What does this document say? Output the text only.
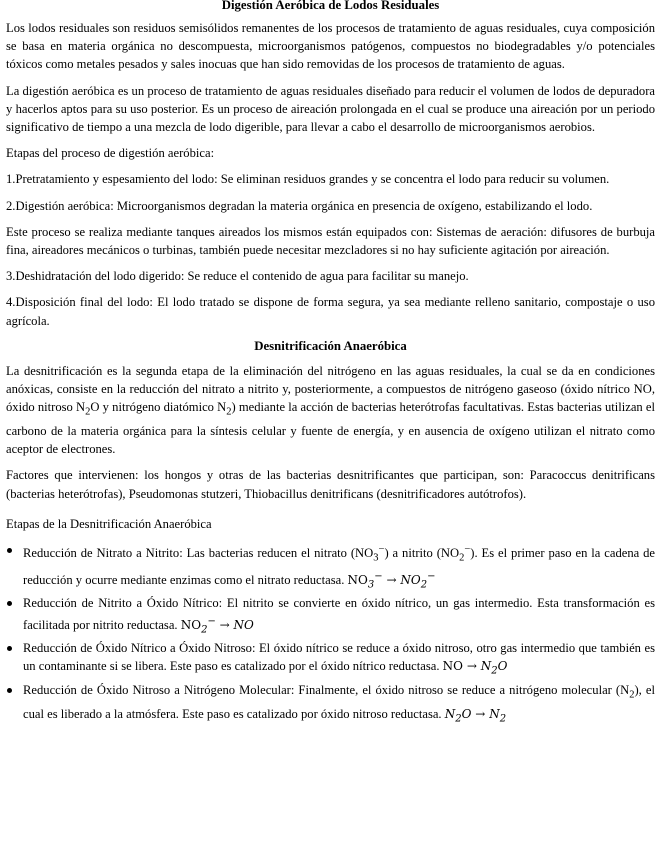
Digestión Aeróbica de Lodos Residuales

Los lodos residuales son residuos semisólidos remanentes de los procesos de tratamiento de aguas residuales, cuya composición se basa en materia orgánica no descompuesta, microorganismos patógenos, compuestos no biodegradables y/o potenciales tóxicos como metales pesados y sales inocuas que han sido removidas de los procesos de tratamiento de aguas.

La digestión aeróbica es un proceso de tratamiento de aguas residuales diseñado para reducir el volumen de lodos de depuradora y hacerlos aptos para su uso posterior. Es un proceso de aireación prolongada en el cual se produce una aireación por un periodo significativo de tiempo a una mezcla de lodo digerible, para llevar a cabo el desarrollo de microorganismos aerobios.

Etapas del proceso de digestión aeróbica:

1.Pretratamiento y espesamiento del lodo: Se eliminan residuos grandes y se concentra el lodo para reducir su volumen.

2.Digestión aeróbica: Microorganismos degradan la materia orgánica en presencia de oxígeno, estabilizando el lodo.

Este proceso se realiza mediante tanques aireados los mismos están equipados con: Sistemas de aeración: difusores de burbuja fina, aireadores mecánicos o turbinas, también puede necesitar mezcladores si no hay suficiente agitación por aireación.

3.Deshidratación del lodo digerido: Se reduce el contenido de agua para facilitar su manejo.

4.Disposición final del lodo: El lodo tratado se dispone de forma segura, ya sea mediante relleno sanitario, compostaje o uso agrícola.

Desnitrificación Anaeróbica

La desnitrificación es la segunda etapa de la eliminación del nitrógeno en las aguas residuales, la cual se da en condiciones anóxicas, consiste en la reducción del nitrato a nitrito y, posteriormente, a compuestos de nitrógeno gaseoso (óxido nítrico NO, óxido nitroso $N_2O$ y nitrógeno diatómico $N_2$) mediante la acción de bacterias heterótrofas facultativas. Estas bacterias utilizan el carbono de la materia orgánica para la síntesis celular y fuente de energía, y en ausencia de oxígeno utilizan el nitrato como aceptor de electrones.

Factores que intervienen: los hongos y otras de las bacterias desnitrificantes que participan, son: Paracoccus denitrificans (bacterias heterótrofas), Pseudomonas stutzeri, Thiobacillus denitrificans (desnitrificadores autótrofos).

Etapas de la Desnitrificación Anaeróbica

Reducción de Nitrato a Nitrito: Las bacterias reducen el nitrato $(NO_3^-)$ a nitrito $(NO_2^-)$. Es el primer paso en la cadena de reducción y ocurre mediante enzimas como el nitrato reductasa. $NO_3^- \to NO_2^-$
Reducción de Nitrito a Óxido Nítrico: El nitrito se convierte en óxido nítrico, un gas intermedio. Esta transformación es facilitada por nitrito reductasa. $NO_2^-$ → NO
Reducción de Óxido Nítrico a Óxido Nitroso: El óxido nítrico se reduce a óxido nitroso, otro gas intermedio que también es un contaminante si se libera. Este paso es catalizado por el óxido nítrico reductasa. NO → $N_2O$
Reducción de Óxido Nitroso a Nitrógeno Molecular: Finalmente, el óxido nitroso se reduce a nitrógeno molecular $(N_2)$, el cual es liberado a la atmósfera. Este paso es catalizado por óxido nitroso reductasa. $N_2O \to N_2$
